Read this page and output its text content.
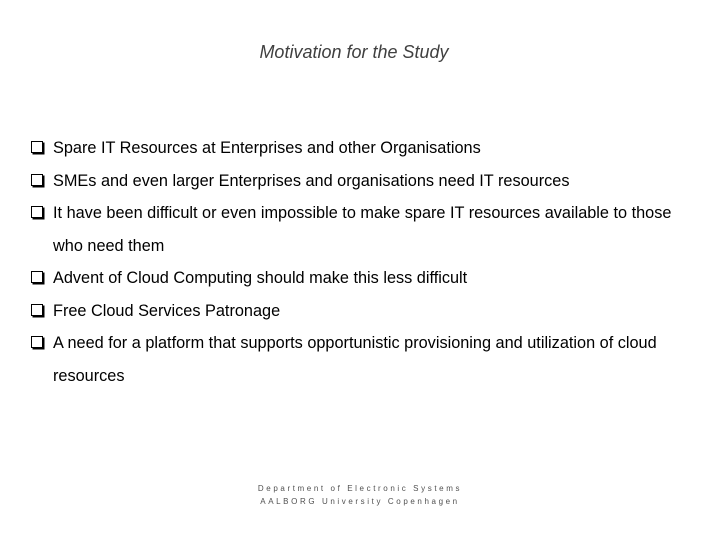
Motivation for the Study
Spare IT Resources at Enterprises and other Organisations
SMEs and even larger Enterprises and organisations need IT resources
It have been difficult or even impossible to make spare IT resources available to those who need them
Advent of Cloud Computing should make this less difficult
Free Cloud Services Patronage
A need for a platform that supports opportunistic provisioning and utilization of cloud resources
Department of Electronic Systems
AALBORG University Copenhagen
